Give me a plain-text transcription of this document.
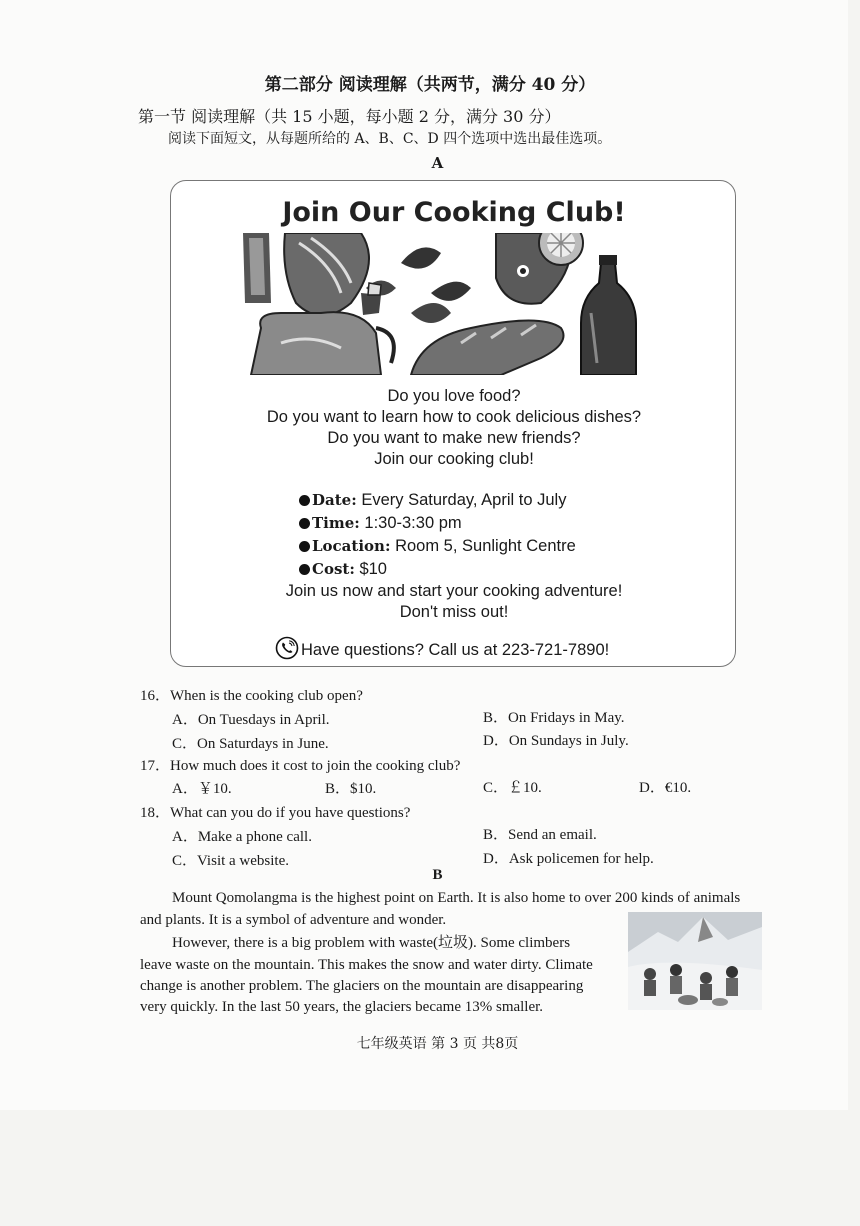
第二部分 阅读理解（共两节，满分 40 分）
第一节 阅读理解（共 15 小题，每小题 2 分，满分 30 分）
阅读下面短文，从每题所给的 A、B、C、D 四个选项中选出最佳选项。
A
Join Our Cooking Club!
Do you love food?
Do you want to learn how to cook delicious dishes?
Do you want to make new friends?
Join our cooking club!
Date: Every Saturday, April to July
Time: 1:30-3:30 pm
Location: Room 5, Sunlight Centre
Cost: $10
Join us now and start your cooking adventure!
Don't miss out!
Have questions? Call us at 223-721-7890!
16．When is the cooking club open?
A．On Tuesdays in April.	B．On Fridays in May.
C．On Saturdays in June.	D．On Sundays in July.
17．How much does it cost to join the cooking club?
A．￥10.	B．$10.	C．￡10.	D．€10.
18．What can you do if you have questions?
A．Make a phone call.	B．Send an email.
C．Visit a website.	D．Ask policemen for help.
B
Mount Qomolangma is the highest point on Earth. It is also home to over 200 kinds of animals
and plants. It is a symbol of adventure and wonder.
However, there is a big problem with waste(垃圾). Some climbers
leave waste on the mountain. This makes the snow and water dirty. Climate
change is another problem. The glaciers on the mountain are disappearing
very quickly. In the last 50 years, the glaciers became 13% smaller.
七年级英语 第 3 页 共8页
